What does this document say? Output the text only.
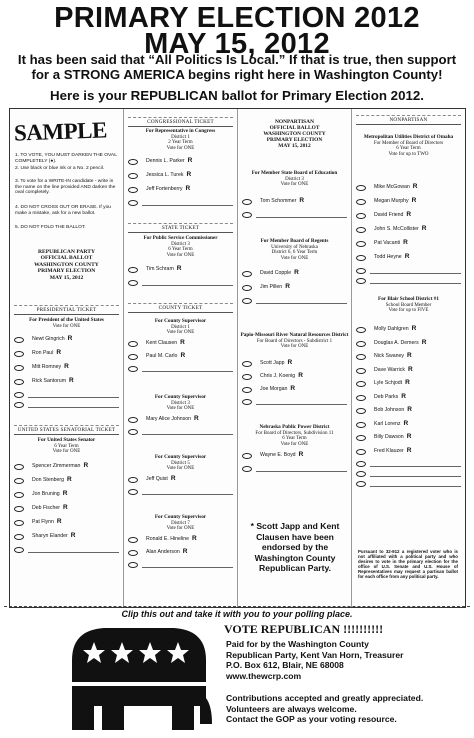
PRIMARY ELECTION 2012
MAY 15, 2012
It has been said that “All Politics Is Local.” If that is true, then support
for a STRONG AMERICA begins right here in Washington County!
Here is your REPUBLICAN ballot for Primary Election 2012.
SAMPLE
1. TO VOTE, YOU MUST DARKEN THE OVAL COMPLETELY (●).
2. Use black or blue ink or a No. 2 pencil.
3. To vote for a WRITE-IN candidate - write in the name on the line provided AND darken the oval completely.
4. DO NOT CROSS OUT OR ERASE. If you make a mistake, ask for a new ballot.
5. DO NOT FOLD THE BALLOT.
REPUBLICAN PARTY
OFFICIAL BALLOT
WASHINGTON COUNTY
PRIMARY ELECTION
MAY 15, 2012
PRESIDENTIAL TICKET
For President of the United States
Vote for ONE
Newt Gingrich R
Ron Paul R
Mitt Romney R
Rick Santorum R
UNITED STATES SENATORIAL TICKET
For United States Senator
6 Year Term
Vote for ONE
Spencer Zimmerman R
Don Stenberg R
Jon Bruning R
Deb Fischer R
Pat Flynn R
Sharyn Elander R
CONGRESSIONAL TICKET
For Representative in Congress
District 1
2 Year Term
Vote for ONE
Dennis L. Parker R
Jessica L. Turek R
Jeff Fortenberry R
STATE TICKET
For Public Service Commissioner
District 3
6 Year Term
Vote for ONE
Tim Schram R
COUNTY TICKET
For County Supervisor
District 1
Vote for ONE
Kent Clausen R
Paul M. Carlo R
For County Supervisor
District 3
Vote for ONE
Mary Alice Johnson R
For County Supervisor
District 5
Vote for ONE
Jeff Quist R
For County Supervisor
District 7
Vote for ONE
Ronald E. Hineline R
Alan Anderson R
NONPARTISAN
OFFICIAL BALLOT
WASHINGTON COUNTY
PRIMARY ELECTION
MAY 15, 2012
For Member State Board of Education
District 3
Vote for ONE
Tom Schommer R
For Member Board of Regents
University of Nebraska
District 6, 6 Year Term
Vote for ONE
David Copple R
Jim Pillen R
Papio-Missouri River Natural Resources District
For Board of Directors - Subdistrict 1
Vote for ONE
Scott Japp R
Chris J. Koenig R
Joe Morgan R
Nebraska Public Power District
For Board of Directors, Subdivision 11
6 Year Term
Vote for ONE
Wayne E. Boyd R
* Scott Japp and Kent Clausen have been endorsed by the Washington County Republican Party.
NONPARTISAN
Metropolitan Utilities District of Omaha
For Member of Board of Directors
6 Year Term
Vote for up to TWO
Mike McGowan R
Megan Murphy R
David Friend R
John S. McCollister R
Pat Vacanti R
Todd Heyne R
For Blair School District #1
School Board Member
Vote for up to FIVE
Molly Dahlgren R
Douglas A. Demers R
Nick Swaney R
Dave Warrick R
Lyle Schjodt R
Deb Parks R
Bob Johnson R
Karl Lorenz R
Billy Dawson R
Fred Klauzer R
Pursuant to 32-912 a registered voter who is not affiliated with a political party and who desires to vote in the primary election for the office of U.S. Senate and U.S. House of Representatives may request a partisan ballot for each office from any political party.
Clip this out and take it with you to your polling place.
VOTE REPUBLICAN !!!!!!!!!!
Paid for by the Washington County
Republican Party, Kent Van Horn, Treasurer
P.O. Box 612, Blair, NE 68008
www.thewcrp.com
Contributions accepted and greatly appreciated.
Volunteers are always welcome.
Contact the GOP as your voting resource.
